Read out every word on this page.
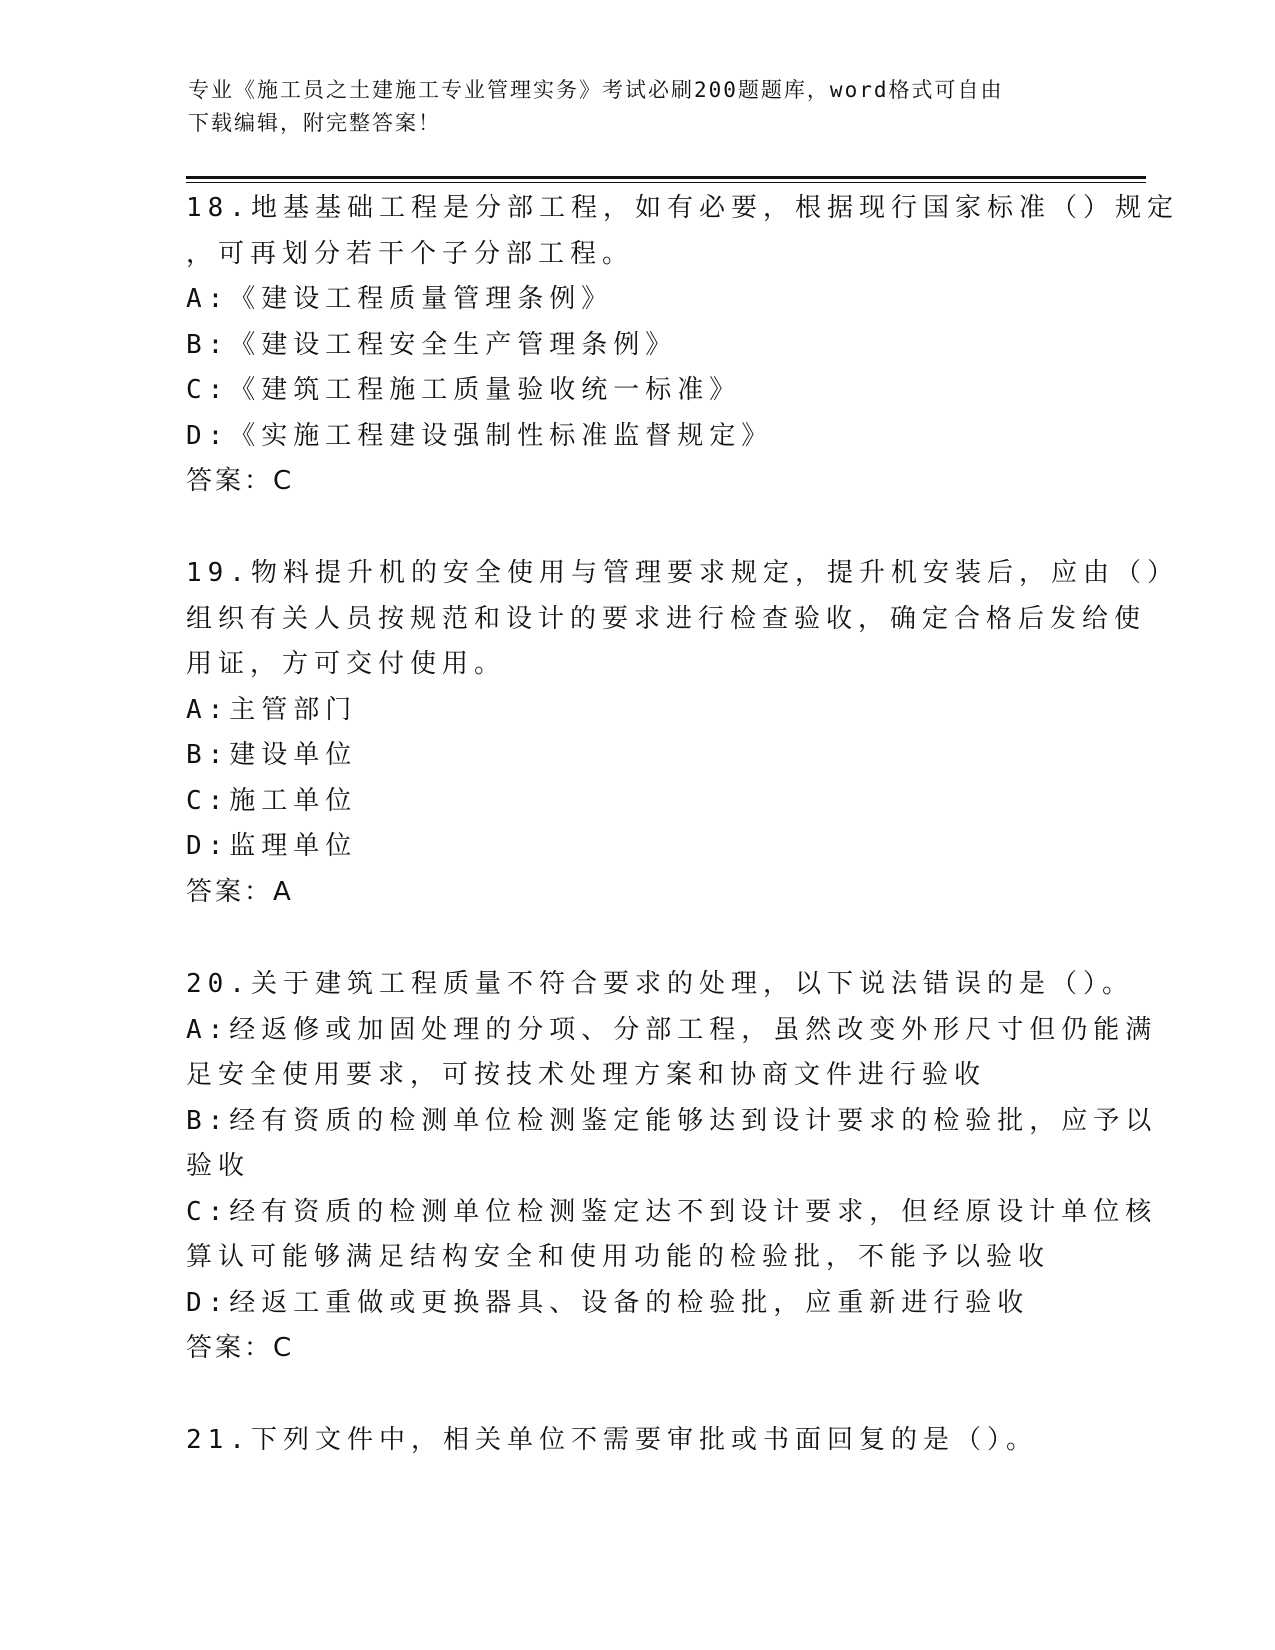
专业《施工员之土建施工专业管理实务》考试必刷200题题库，word格式可自由
下载编辑，附完整答案！
18.地基基础工程是分部工程，如有必要，根据现行国家标准（）规定
，可再划分若干个子分部工程。
A:《建设工程质量管理条例》
B:《建设工程安全生产管理条例》
C:《建筑工程施工质量验收统一标准》
D:《实施工程建设强制性标准监督规定》
答案：C
19.物料提升机的安全使用与管理要求规定，提升机安装后，应由（）
组织有关人员按规范和设计的要求进行检查验收，确定合格后发给使
用证，方可交付使用。
A:主管部门
B:建设单位
C:施工单位
D:监理单位
答案：A
20.关于建筑工程质量不符合要求的处理，以下说法错误的是（）。
A:经返修或加固处理的分项、分部工程，虽然改变外形尺寸但仍能满
足安全使用要求，可按技术处理方案和协商文件进行验收
B:经有资质的检测单位检测鉴定能够达到设计要求的检验批，应予以
验收
C:经有资质的检测单位检测鉴定达不到设计要求，但经原设计单位核
算认可能够满足结构安全和使用功能的检验批，不能予以验收
D:经返工重做或更换器具、设备的检验批，应重新进行验收
答案：C
21.下列文件中，相关单位不需要审批或书面回复的是（）。
